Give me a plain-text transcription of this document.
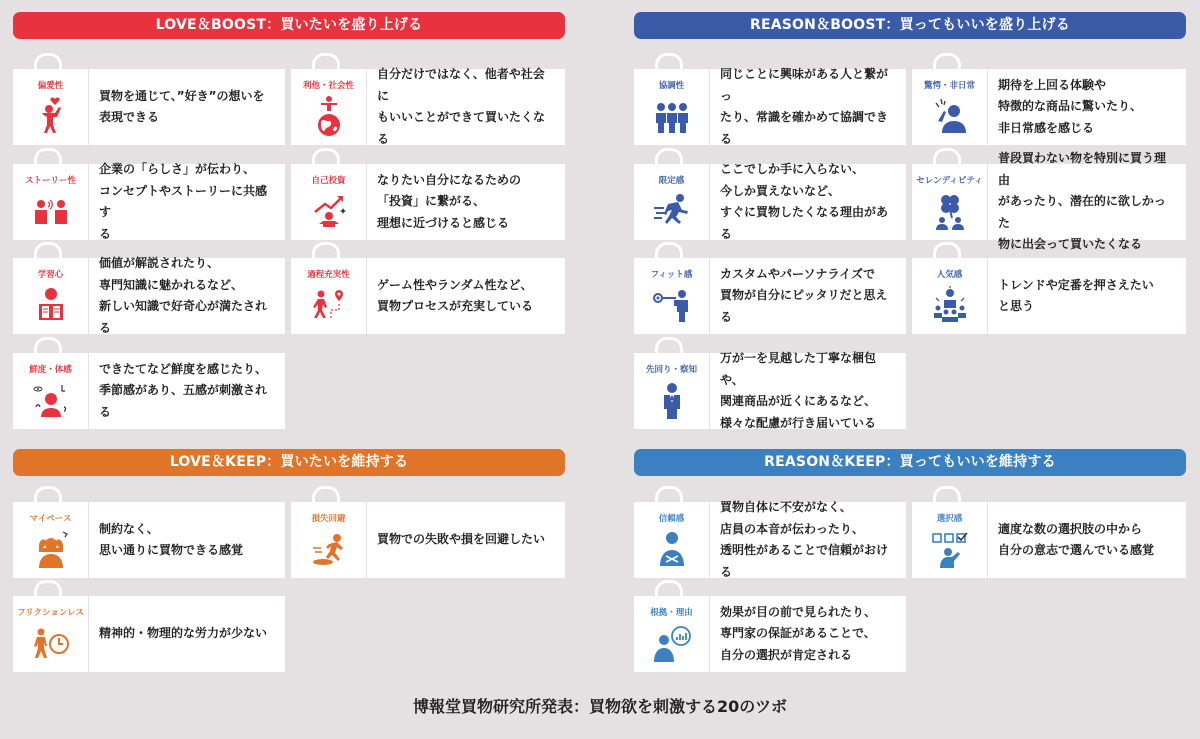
LOVE＆BOOST：買いたいを盛り上げる	REASON＆BOOST：買ってもいいを盛り上げる
LOVE＆KEEP：買いたいを維持する	REASON＆KEEP：買ってもいいを維持する
偏愛性
買物を通じて、”好き”の想いを
表現できる
利他・社会性
自分だけではなく、他者や社会に
もいいことができて買いたくなる
ストーリー性
企業の「らしさ」が伝わり、
コンセプトやストーリーに共感す
る
自己投資	なりたい自分になるための
「投資」に繋がる、
理想に近づけると感じる
学習心
価値が解説されたり、
専門知識に魅かれるなど、
新しい知識で好奇心が満たされる
過程充実性
ゲーム性やランダム性など、
買物プロセスが充実している
鮮度・体感	できたてなど鮮度を感じたり、
季節感があり、五感が刺激される
協調性
同じことに興味がある人と繋がっ
たり、常識を確かめて協調できる
驚愕・非日常	期待を上回る体験や
特徴的な商品に驚いたり、
非日常感を感じる
限定感
ここでしか手に入らない、
今しか買えないなど、
すぐに買物したくなる理由がある
セレンディピティ
普段買わない物を特別に買う理由
があったり、潜在的に欲しかった
物に出会って買いたくなる
フィット感	カスタムやパーソナライズで
買物が自分にピッタリだと思える
人気感
トレンドや定番を押さえたい
と思う
先回り・察知
万が一を見越した丁寧な梱包や、
関連商品が近くにあるなど、
様々な配慮が行き届いている
マイペース
制約なく、
思い通りに買物できる感覚
損失回避
買物での失敗や損を回避したい
フリクションレス
精神的・物理的な労力が少ない
信頼感
買物自体に不安がなく、
店員の本音が伝わったり、
透明性があることで信頼がおける
選択感
適度な数の選択肢の中から
自分の意志で選んでいる感覚
根拠・理由	効果が目の前で見られたり、
専門家の保証があることで、
自分の選択が肯定される
博報堂買物研究所発表：買物欲を刺激する20のツボ
